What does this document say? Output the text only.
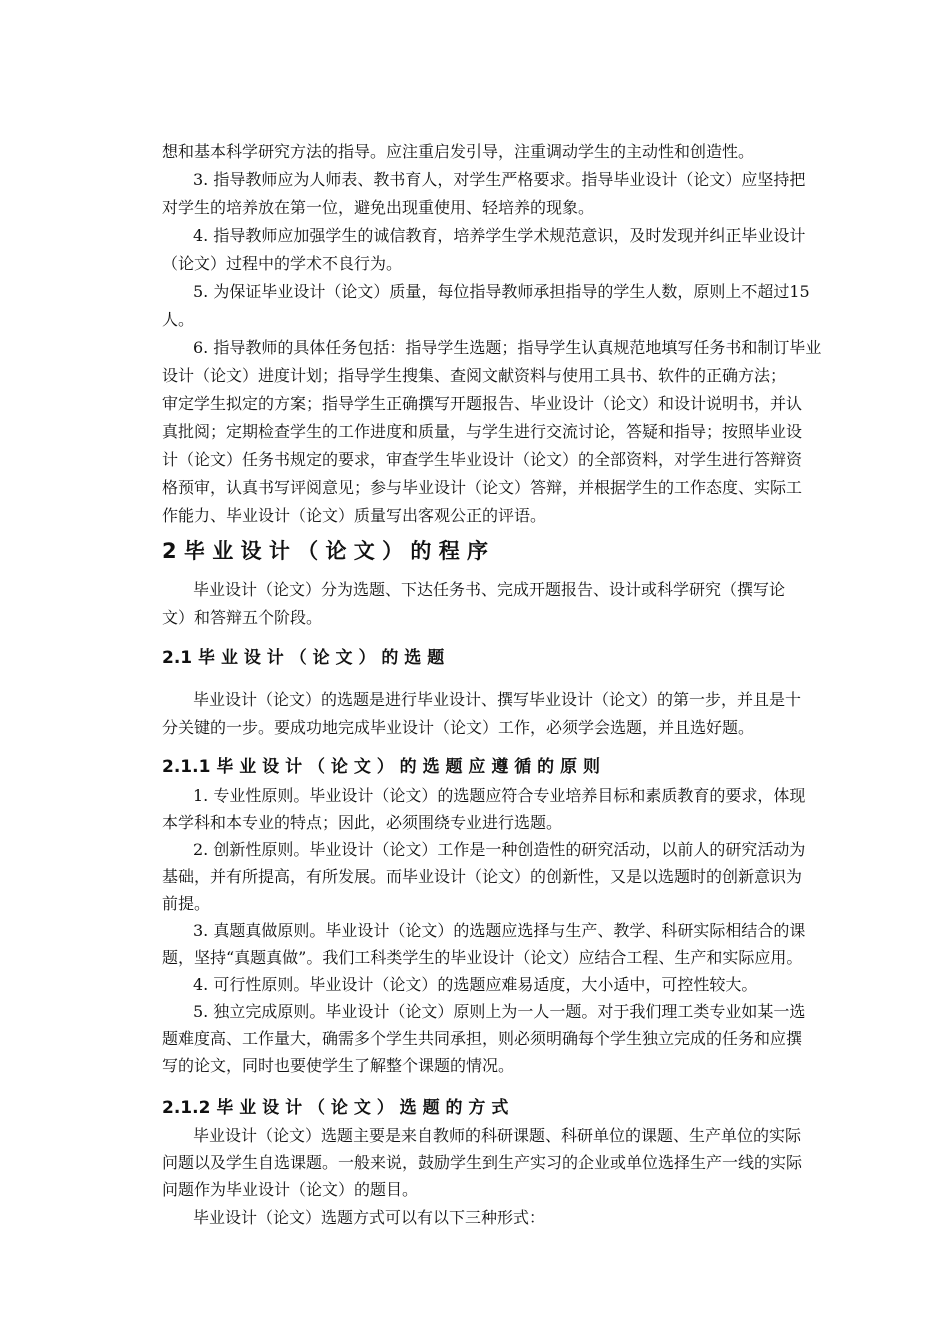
想和基本科学研究方法的指导。应注重启发引导，注重调动学生的主动性和创造性。
3. 指导教师应为人师表、教书育人，对学生严格要求。指导毕业设计（论文）应坚持把
对学生的培养放在第一位，避免出现重使用、轻培养的现象。
4. 指导教师应加强学生的诚信教育，培养学生学术规范意识，及时发现并纠正毕业设计
（论文）过程中的学术不良行为。
5. 为保证毕业设计（论文）质量，每位指导教师承担指导的学生人数，原则上不超过15
人。
6. 指导教师的具体任务包括：指导学生选题；指导学生认真规范地填写任务书和制订毕业
设计（论文）进度计划；指导学生搜集、查阅文献资料与使用工具书、软件的正确方法；
审定学生拟定的方案；指导学生正确撰写开题报告、毕业设计（论文）和设计说明书，并认
真批阅；定期检查学生的工作进度和质量，与学生进行交流讨论，答疑和指导；按照毕业设
计（论文）任务书规定的要求，审查学生毕业设计（论文）的全部资料，对学生进行答辩资
格预审，认真书写评阅意见；参与毕业设计（论文）答辩，并根据学生的工作态度、实际工
作能力、毕业设计（论文）质量写出客观公正的评语。
2 毕 业 设 计 （ 论 文 ） 的 程 序
毕业设计（论文）分为选题、下达任务书、完成开题报告、设计或科学研究（撰写论
文）和答辩五个阶段。
2.1 毕 业 设 计 （ 论 文 ） 的 选 题
毕业设计（论文）的选题是进行毕业设计、撰写毕业设计（论文）的第一步，并且是十
分关键的一步。要成功地完成毕业设计（论文）工作，必须学会选题，并且选好题。
2.1.1 毕 业 设 计 （ 论 文 ） 的 选 题 应 遵 循 的 原 则
1. 专业性原则。毕业设计（论文）的选题应符合专业培养目标和素质教育的要求，体现
本学科和本专业的特点；因此，必须围绕专业进行选题。
2. 创新性原则。毕业设计（论文）工作是一种创造性的研究活动，以前人的研究活动为
基础，并有所提高，有所发展。而毕业设计（论文）的创新性，又是以选题时的创新意识为
前提。
3. 真题真做原则。毕业设计（论文）的选题应选择与生产、教学、科研实际相结合的课
题，坚持“真题真做”。我们工科类学生的毕业设计（论文）应结合工程、生产和实际应用。
4. 可行性原则。毕业设计（论文）的选题应难易适度，大小适中，可控性较大。
5. 独立完成原则。毕业设计（论文）原则上为一人一题。对于我们理工类专业如某一选
题难度高、工作量大，确需多个学生共同承担，则必须明确每个学生独立完成的任务和应撰
写的论文，同时也要使学生了解整个课题的情况。
2.1.2 毕 业 设 计 （ 论 文 ） 选 题 的 方 式
毕业设计（论文）选题主要是来自教师的科研课题、科研单位的课题、生产单位的实际
问题以及学生自选课题。一般来说，鼓励学生到生产实习的企业或单位选择生产一线的实际
问题作为毕业设计（论文）的题目。
毕业设计（论文）选题方式可以有以下三种形式：
